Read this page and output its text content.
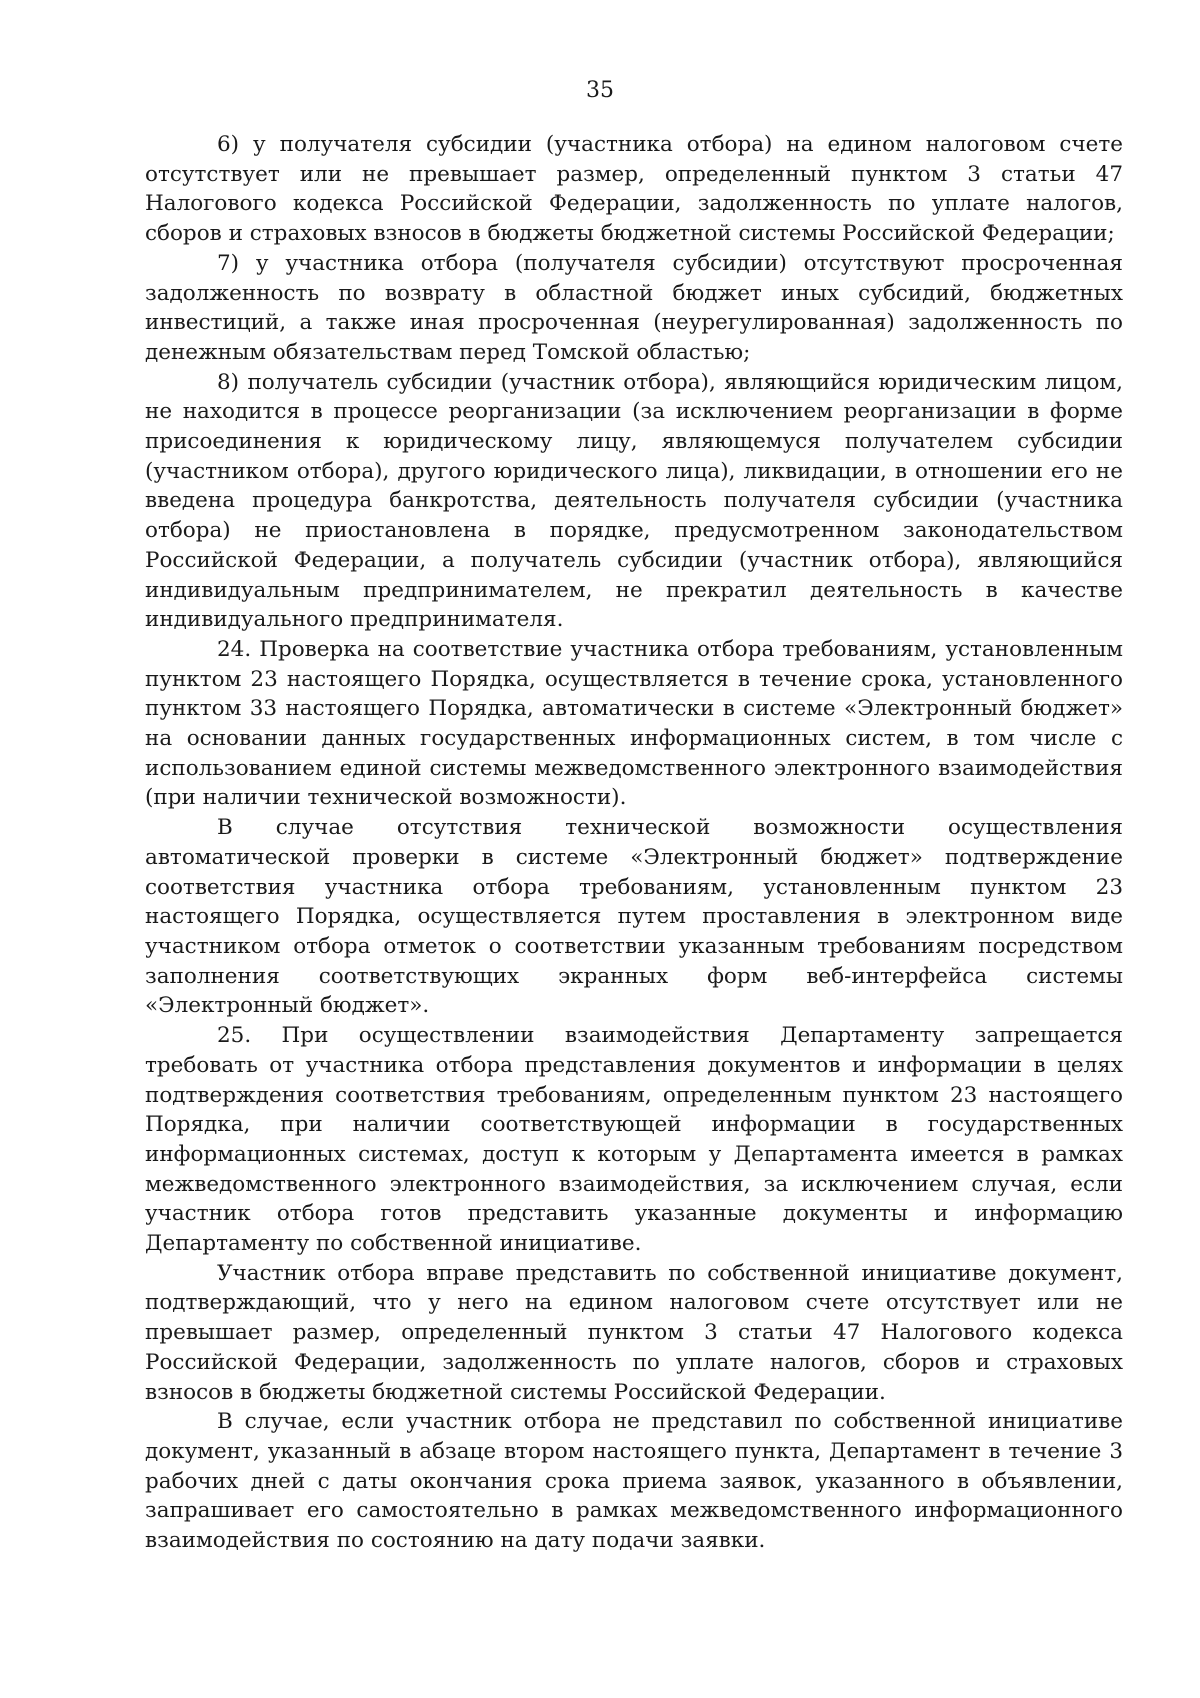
35

6) у получателя субсидии (участника отбора) на едином налоговом счете отсутствует или не превышает размер, определенный пунктом 3 статьи 47 Налогового кодекса Российской Федерации, задолженность по уплате налогов, сборов и страховых взносов в бюджеты бюджетной системы Российской Федерации;

7) у участника отбора (получателя субсидии) отсутствуют просроченная задолженность по возврату в областной бюджет иных субсидий, бюджетных инвестиций, а также иная просроченная (неурегулированная) задолженность по денежным обязательствам перед Томской областью;

8) получатель субсидии (участник отбора), являющийся юридическим лицом, не находится в процессе реорганизации (за исключением реорганизации в форме присоединения к юридическому лицу, являющемуся получателем субсидии (участником отбора), другого юридического лица), ликвидации, в отношении его не введена процедура банкротства, деятельность получателя субсидии (участника отбора) не приостановлена в порядке, предусмотренном законодательством Российской Федерации, а получатель субсидии (участник отбора), являющийся индивидуальным предпринимателем, не прекратил деятельность в качестве индивидуального предпринимателя.

24. Проверка на соответствие участника отбора требованиям, установленным пунктом 23 настоящего Порядка, осуществляется в течение срока, установленного пунктом 33 настоящего Порядка, автоматически в системе «Электронный бюджет» на основании данных государственных информационных систем, в том числе с использованием единой системы межведомственного электронного взаимодействия (при наличии технической возможности).

В случае отсутствия технической возможности осуществления автоматической проверки в системе «Электронный бюджет» подтверждение соответствия участника отбора требованиям, установленным пунктом 23 настоящего Порядка, осуществляется путем проставления в электронном виде участником отбора отметок о соответствии указанным требованиям посредством заполнения соответствующих экранных форм веб-интерфейса системы «Электронный бюджет».

25. При осуществлении взаимодействия Департаменту запрещается требовать от участника отбора представления документов и информации в целях подтверждения соответствия требованиям, определенным пунктом 23 настоящего Порядка, при наличии соответствующей информации в государственных информационных системах, доступ к которым у Департамента имеется в рамках межведомственного электронного взаимодействия, за исключением случая, если участник отбора готов представить указанные документы и информацию Департаменту по собственной инициативе.

Участник отбора вправе представить по собственной инициативе документ, подтверждающий, что у него на едином налоговом счете отсутствует или не превышает размер, определенный пунктом 3 статьи 47 Налогового кодекса Российской Федерации, задолженность по уплате налогов, сборов и страховых взносов в бюджеты бюджетной системы Российской Федерации.

В случае, если участник отбора не представил по собственной инициативе документ, указанный в абзаце втором настоящего пункта, Департамент в течение 3 рабочих дней с даты окончания срока приема заявок, указанного в объявлении, запрашивает его самостоятельно в рамках межведомственного информационного взаимодействия по состоянию на дату подачи заявки.
